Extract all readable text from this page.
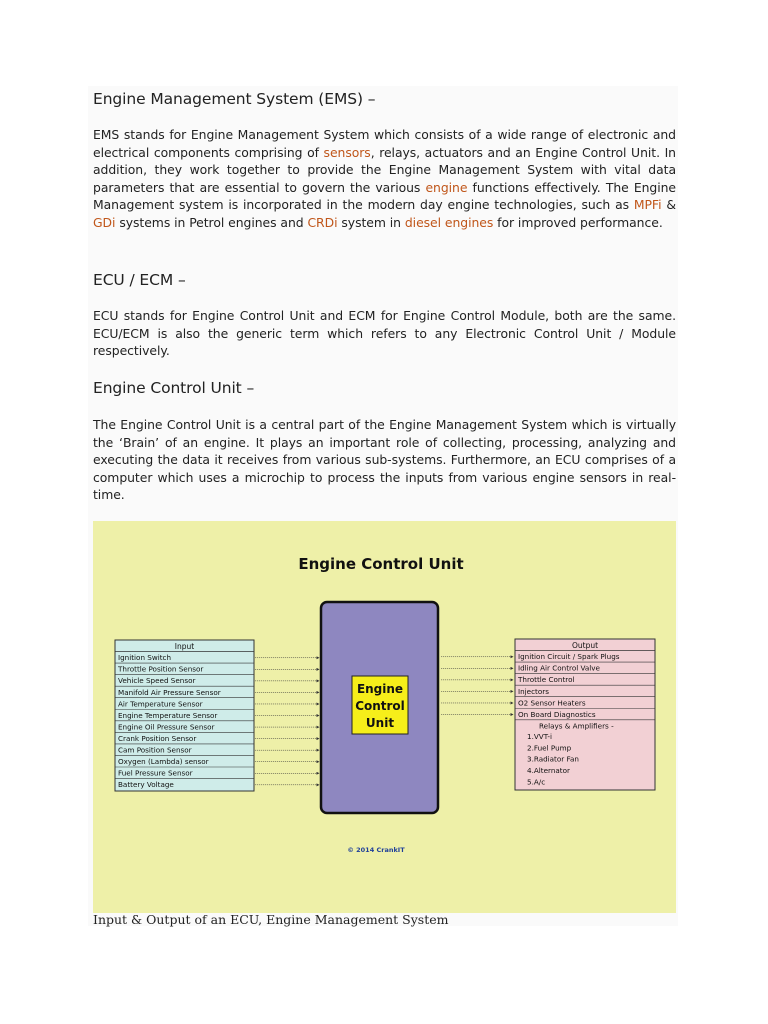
Engine Management System (EMS) –

EMS stands for Engine Management System which consists of a wide range of electronic and electrical components comprising of sensors, relays, actuators and an Engine Control Unit. In addition, they work together to provide the Engine Management System with vital data parameters that are essential to govern the various engine functions effectively. The Engine Management system is incorporated in the modern day engine technologies, such as MPFi & GDi systems in Petrol engines and CRDi system in diesel engines for improved performance.

ECU / ECM –

ECU stands for Engine Control Unit and ECM for Engine Control Module, both are the same. ECU/ECM is also the generic term which refers to any Electronic Control Unit / Module respectively.

Engine Control Unit –

The Engine Control Unit is a central part of the Engine Management System which is virtually the ‘Brain’ of an engine. It plays an important role of collecting, processing, analyzing and executing the data it receives from various sub-systems. Furthermore, an ECU comprises of a computer which uses a microchip to process the inputs from various engine sensors in real-time.

Engine Control Unit
Engine
Control
Unit
Input
Ignition Switch
Throttle Position Sensor
Vehicle Speed Sensor
Manifold Air Pressure Sensor
Air Temperature Sensor
Engine Temperature Sensor
Engine Oil Pressure Sensor
Crank Position Sensor
Cam Position Sensor
Oxygen (Lambda) sensor
Fuel Pressure Sensor
Battery Voltage
Output
Ignition Circuit / Spark Plugs
Idling Air Control Valve
Throttle Control
Injectors
O2 Sensor Heaters
On Board Diagnostics
Relays & Amplifiers -
1.VVT-i
2.Fuel Pump
3.Radiator Fan
4.Alternator
5.A/c
© 2014 CrankIT
Input & Output of an ECU, Engine Management System
